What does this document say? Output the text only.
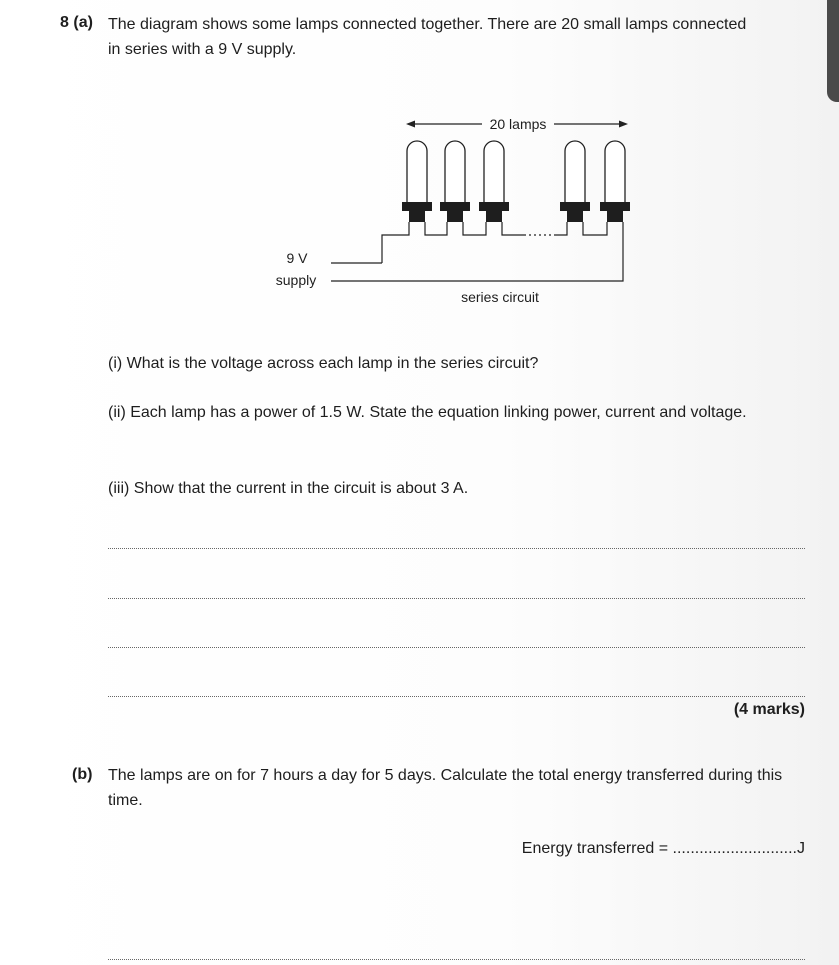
8 (a) The diagram shows some lamps connected together. There are 20 small lamps connected in series with a 9 V supply.
20 lamps
9 V
supply
series circuit
(i) What is the voltage across each lamp in the series circuit?
(ii) Each lamp has a power of 1.5 W. State the equation linking power, current and voltage.
(iii) Show that the current in the circuit is about 3 A.
(4 marks)
(b) The lamps are on for 7 hours a day for 5 days. Calculate the total energy transferred during this time.
Energy transferred = ............................J
